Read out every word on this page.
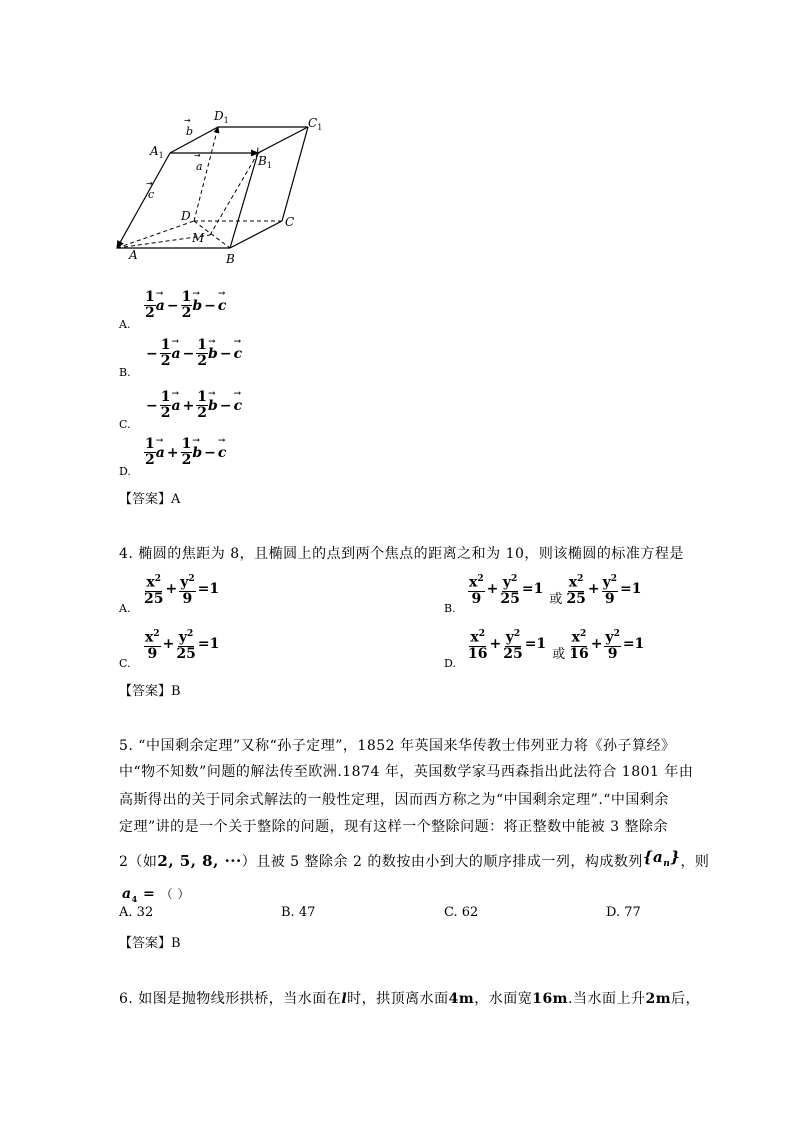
$A_1$
$D_1$	$C_1$
$B_1$
A	B
C
D
M
a
→
b
→
c
→
A.
$\frac{1}{2}$ a → − $\frac{1}{2}$ b → − c →
B.
− $\frac{1}{2}$ a → − $\frac{1}{2}$ b → − c →
C.
− $\frac{1}{2}$ a → + $\frac{1}{2}$ b → − c →
D.
$\frac{1}{2}$ a → + $\frac{1}{2}$ b → − c →
【答案】A
4. 椭圆的焦距为 8，且椭圆上的点到两个焦点的距离之和为 10，则该椭圆的标准方程是
A.
$\frac{x^2}{25} + \frac{y^2}{9} =1$
B.
$\frac{x^2}{9} + \frac{y^2}{25} =1$
或 $\frac{x^2}{25} + \frac{y^2}{9} =1$
C.
$\frac{x^2}{9} + \frac{y^2}{25} =1$
D.
$\frac{x^2}{16} + \frac{y^2}{25} =1$
或 $\frac{x^2}{16} + \frac{y^2}{9} =1$
【答案】B
5. “中国剩余定理”又称“孙子定理”，1852 年英国来华传教士伟列亚力将《孙子算经》
中“物不知数”问题的解法传至欧洲.1874 年，英国数学家马西森指出此法符合 1801 年由
高斯得出的关于同余式解法的一般性定理，因而西方称之为“中国剩余定理”.“中国剩余
定理”讲的是一个关于整除的问题，现有这样一个整除问题：将正整数中能被 3 整除余
2（如2, 5, 8, ···）且被 5 整除余 2 的数按由小到大的顺序排成一列，构成数列$\{a_n\}$，则
$a_4$ = （ ）
A. 32	B. 47	C. 62	D. 77
【答案】B
6. 如图是抛物线形拱桥，当水面在l时，拱顶离水面4m，水面宽16m.当水面上升2m后，
